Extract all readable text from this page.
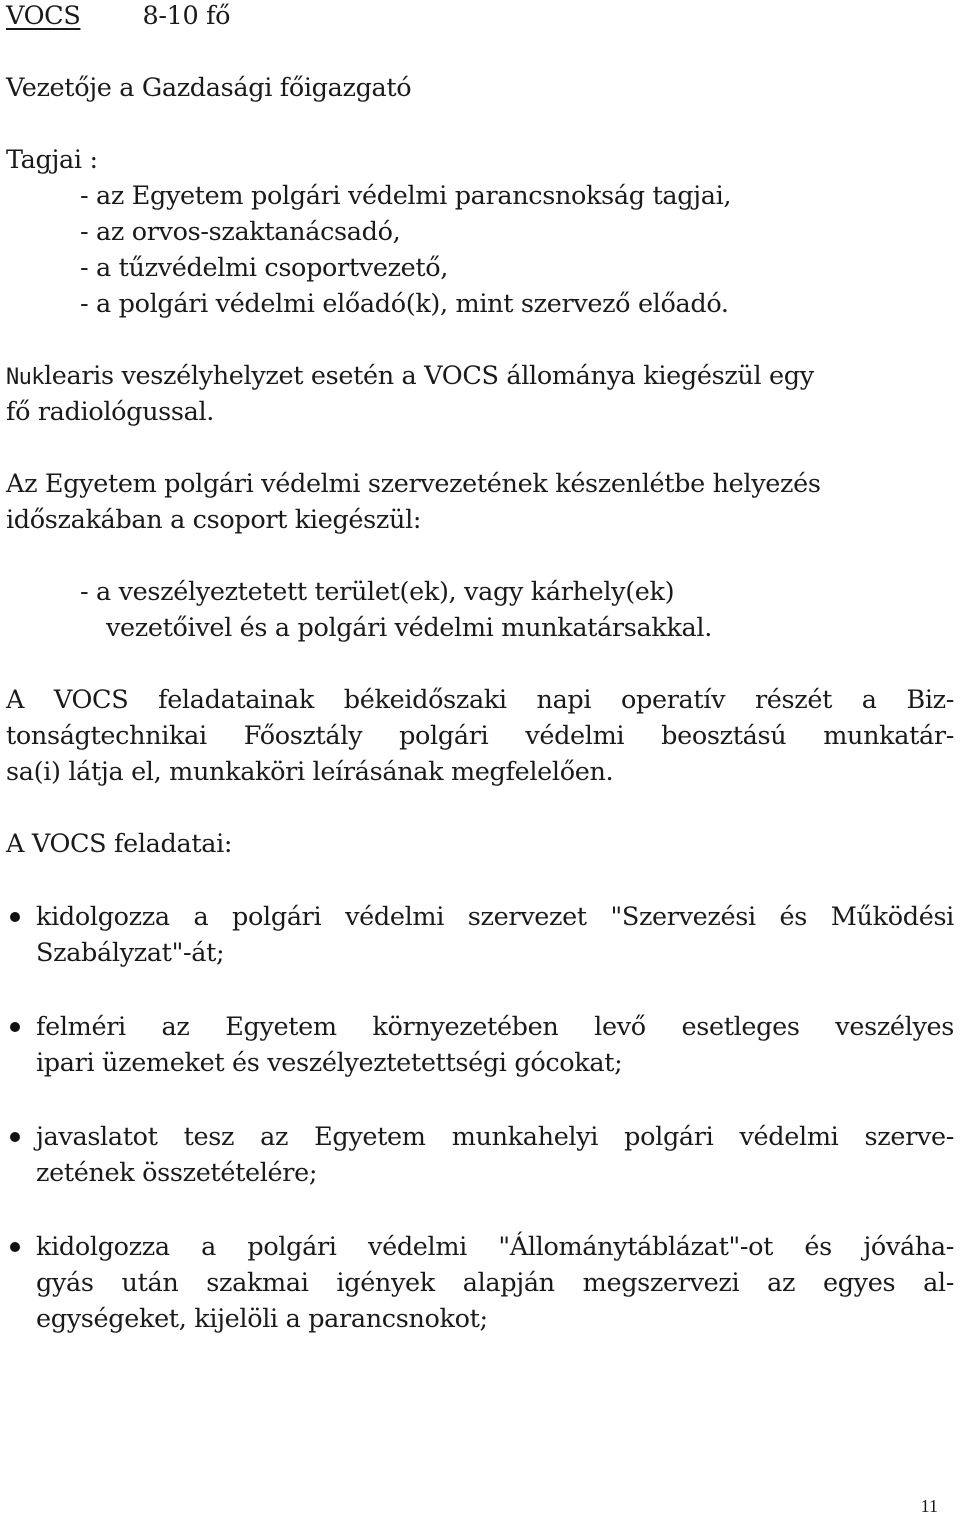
VOCS 8-10 fő
Vezetője a Gazdasági főigazgató
Tagjai :
- az Egyetem polgári védelmi parancsnokság tagjai,
- az orvos-szaktanácsadó,
- a tűzvédelmi csoportvezető,
- a polgári védelmi előadó(k), mint szervező előadó.
Nuklearis veszélyhelyzet esetén a VOCS állománya kiegészül egy
fő radiológussal.
Az Egyetem polgári védelmi szervezetének készenlétbe helyezés
időszakában a csoport kiegészül:
- a veszélyeztetett terület(ek), vagy kárhely(ek)
vezetőivel és a polgári védelmi munkatársakkal.
A VOCS feladatainak békeidőszaki napi operatív részét a Biz-
tonságtechnikai Főosztály polgári védelmi beosztású munkatár-
sa(i) látja el, munkaköri leírásának megfelelően.
A VOCS feladatai:
kidolgozza a polgári védelmi szervezet "Szervezési és Működési
Szabályzat"-át;
felméri az Egyetem környezetében levő esetleges veszélyes
ipari üzemeket és veszélyeztetettségi gócokat;
javaslatot tesz az Egyetem munkahelyi polgári védelmi szerve-
zetének összetételére;
kidolgozza a polgári védelmi "Állománytáblázat"-ot és jóváha-
gyás után szakmai igények alapján megszervezi az egyes al-
egységeket, kijelöli a parancsnokot;
11
